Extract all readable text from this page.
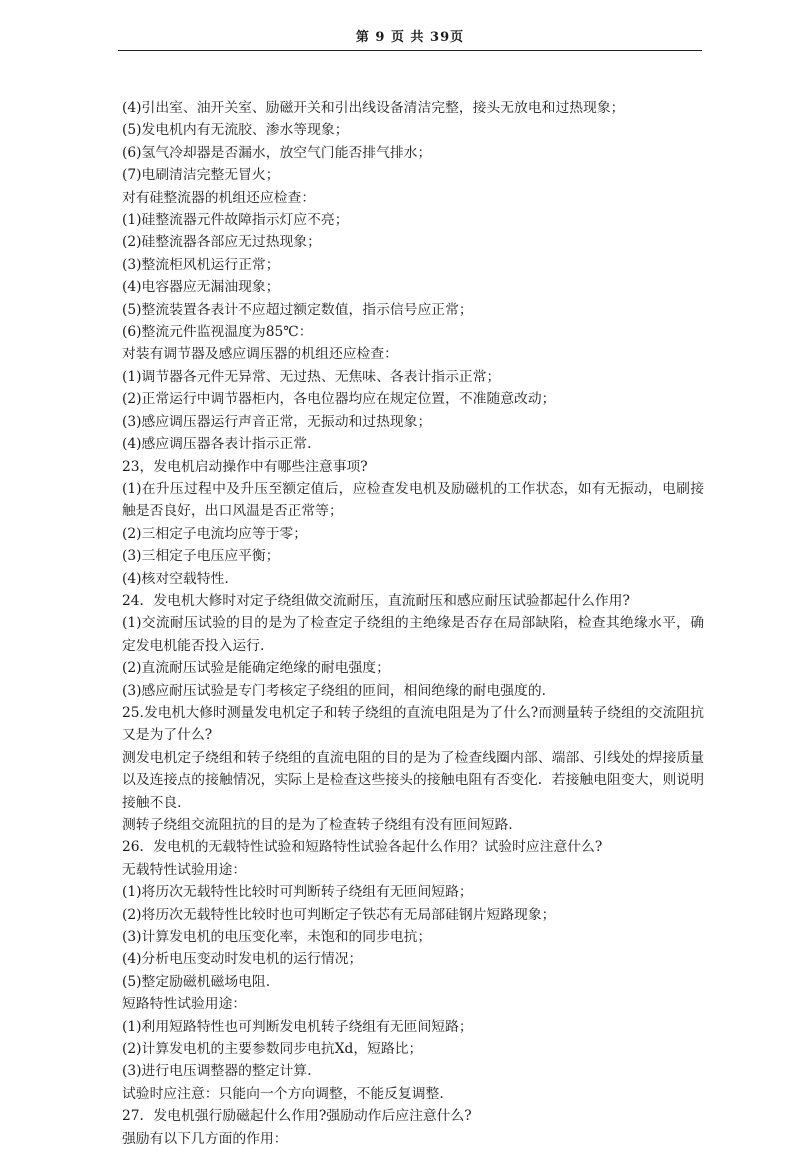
第 9 页 共 39页
(4)引出室、油开关室、励磁开关和引出线设备清洁完整，接头无放电和过热现象；
(5)发电机内有无流胶、渗水等现象；
(6)氢气冷却器是否漏水，放空气门能否排气排水；
(7)电刷清洁完整无冒火；
对有硅整流器的机组还应检查：
(1)硅整流器元件故障指示灯应不亮；
(2)硅整流器各部应无过热现象；
(3)整流柜风机运行正常；
(4)电容器应无漏油现象；
(5)整流装置各表计不应超过额定数值，指示信号应正常；
(6)整流元件监视温度为85℃：
对装有调节器及感应调压器的机组还应检查：
(1)调节器各元件无异常、无过热、无焦味、各表计指示正常；
(2)正常运行中调节器柜内，各电位器均应在规定位置，不准随意改动；
(3)感应调压器运行声音正常，无振动和过热现象；
(4)感应调压器各表计指示正常.
23，发电机启动操作中有哪些注意事项?
(1)在升压过程中及升压至额定值后，应检查发电机及励磁机的工作状态，如有无振动，电刷接触是否良好，出口风温是否正常等；
(2)三相定子电流均应等于零；
(3)三相定子电压应平衡；
(4)核对空载特性.
24．发电机大修时对定子绕组做交流耐压，直流耐压和感应耐压试验都起什么作用?
(1)交流耐压试验的目的是为了检查定子绕组的主绝缘是否存在局部缺陷，检查其绝缘水平，确定发电机能否投入运行.
(2)直流耐压试验是能确定绝缘的耐电强度；
(3)感应耐压试验是专门考核定子绕组的匝间，相间绝缘的耐电强度的.
25.发电机大修时测量发电机定子和转子绕组的直流电阻是为了什么?而测量转子绕组的交流阻抗又是为了什么?
测发电机定子绕组和转子绕组的直流电阻的目的是为了检查线圈内部、端部、引线处的焊接质量以及连接点的接触情况，实际上是检查这些接头的接触电阻有否变化．若接触电阻变大，则说明接触不良.
测转子绕组交流阻抗的目的是为了检查转子绕组有没有匝间短路.
26．发电机的无载特性试验和短路特性试验各起什么作用？试验时应注意什么?
无载特性试验用途：
(1)将历次无载特性比较时可判断转子绕组有无匝间短路；
(2)将历次无载特性比较时也可判断定子铁芯有无局部硅钢片短路现象；
(3)计算发电机的电压变化率，未饱和的同步电抗；
(4)分析电压变动时发电机的运行情况；
(5)整定励磁机磁场电阻.
短路特性试验用途：
(1)利用短路特性也可判断发电机转子绕组有无匝间短路；
(2)计算发电机的主要参数同步电抗Xd，短路比；
(3)进行电压调整器的整定计算.
试验时应注意：只能向一个方向调整，不能反复调整.
27．发电机强行励磁起什么作用?强励动作后应注意什么?
强励有以下几方面的作用：
